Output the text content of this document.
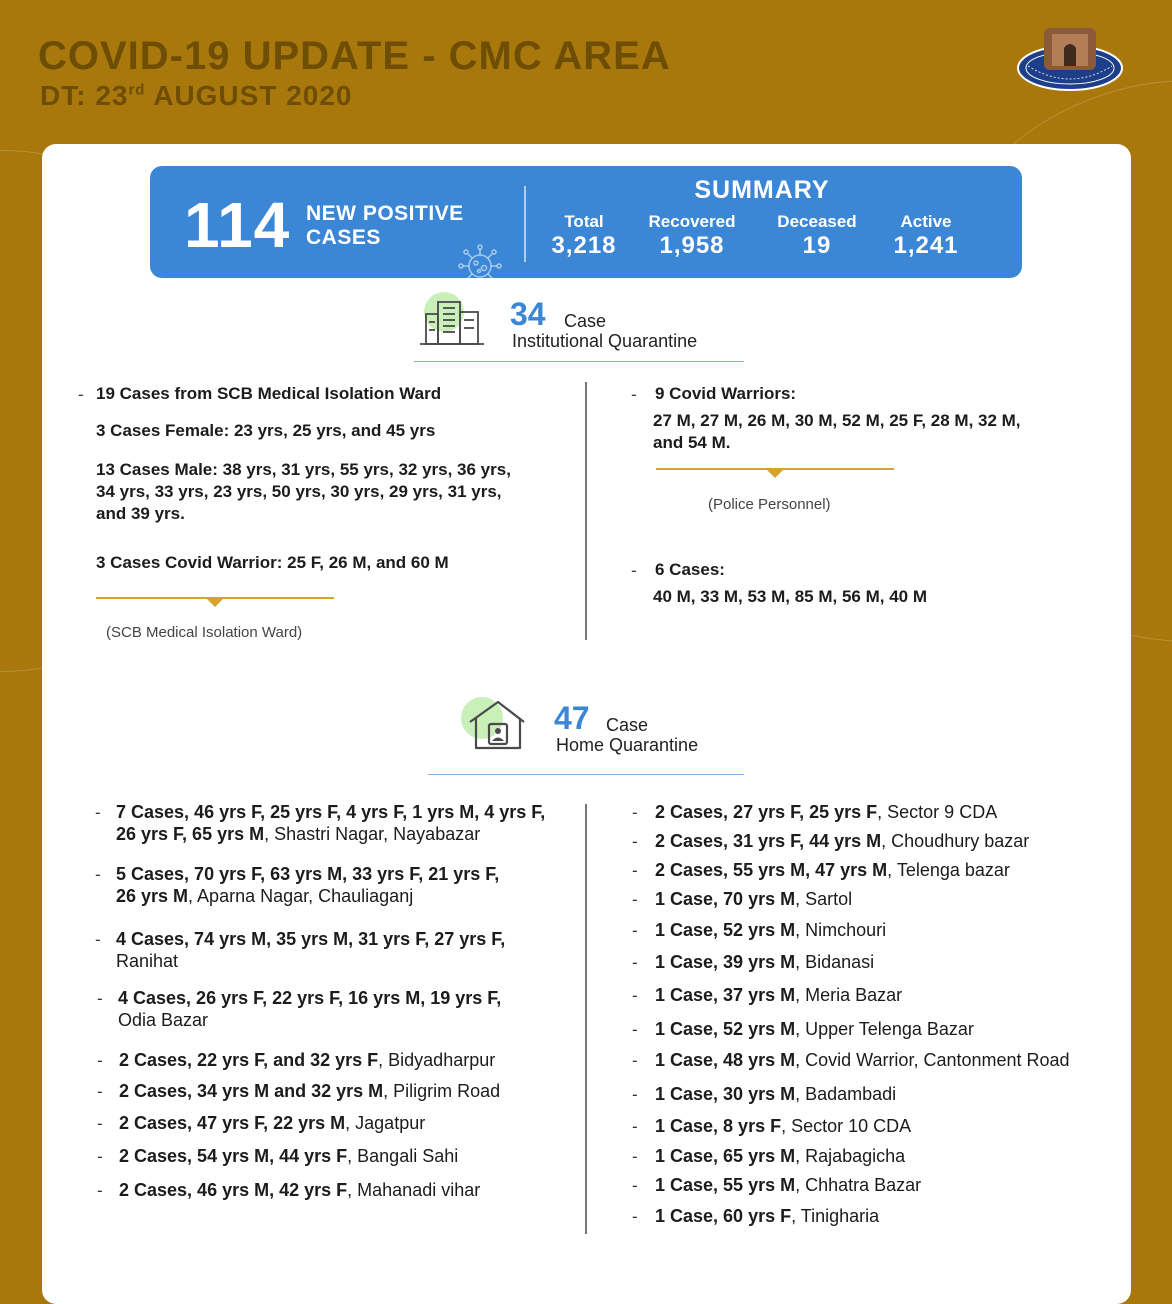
COVID-19 UPDATE - CMC AREA
DT: 23rd AUGUST 2020
114 NEW POSITIVE CASES
SUMMARY
Total
3,218
Recovered
1,958
Deceased
19
Active
1,241
34 Case
Institutional Quarantine
- 19 Cases from SCB Medical Isolation Ward
3 Cases Female: 23 yrs, 25 yrs, and 45 yrs
13 Cases Male: 38 yrs, 31 yrs, 55 yrs, 32 yrs, 36 yrs,
34 yrs, 33 yrs, 23 yrs, 50 yrs, 30 yrs, 29 yrs, 31 yrs,
and 39 yrs.
3 Cases Covid Warrior: 25 F, 26 M, and 60 M
(SCB Medical Isolation Ward)
- 9 Covid Warriors:
27 M, 27 M, 26 M, 30 M, 52 M, 25 F, 28 M, 32 M,
and 54 M.
(Police Personnel)
- 6 Cases:
40 M, 33 M, 53 M, 85 M, 56 M, 40 M
47 Case
Home Quarantine
- 7 Cases, 46 yrs F, 25 yrs F, 4 yrs F, 1 yrs M, 4 yrs F,
26 yrs F, 65 yrs M, Shastri Nagar, Nayabazar
- 5 Cases, 70 yrs F, 63 yrs M, 33 yrs F, 21 yrs F,
26 yrs M, Aparna Nagar, Chauliaganj
- 4 Cases, 74 yrs M, 35 yrs M, 31 yrs F, 27 yrs F,
Ranihat
- 4 Cases, 26 yrs F, 22 yrs F, 16 yrs M, 19 yrs F,
Odia Bazar
- 2 Cases, 22 yrs F, and 32 yrs F, Bidyadharpur
- 2 Cases, 34 yrs M and 32 yrs M, Piligrim Road
- 2 Cases, 47 yrs F, 22 yrs M, Jagatpur
- 2 Cases, 54 yrs M, 44 yrs F, Bangali Sahi
- 2 Cases, 46 yrs M, 42 yrs F, Mahanadi vihar
- 2 Cases, 27 yrs F, 25 yrs F, Sector 9 CDA
- 2 Cases, 31 yrs F, 44 yrs M, Choudhury bazar
- 2 Cases, 55 yrs M, 47 yrs M, Telenga bazar
- 1 Case, 70 yrs M, Sartol
- 1 Case, 52 yrs M, Nimchouri
- 1 Case, 39 yrs M, Bidanasi
- 1 Case, 37 yrs M, Meria Bazar
- 1 Case, 52 yrs M, Upper Telenga Bazar
- 1 Case, 48 yrs M, Covid Warrior, Cantonment Road
- 1 Case, 30 yrs M, Badambadi
- 1 Case, 8 yrs F, Sector 10 CDA
- 1 Case, 65 yrs M, Rajabagicha
- 1 Case, 55 yrs M, Chhatra Bazar
- 1 Case, 60 yrs F, Tinigharia
